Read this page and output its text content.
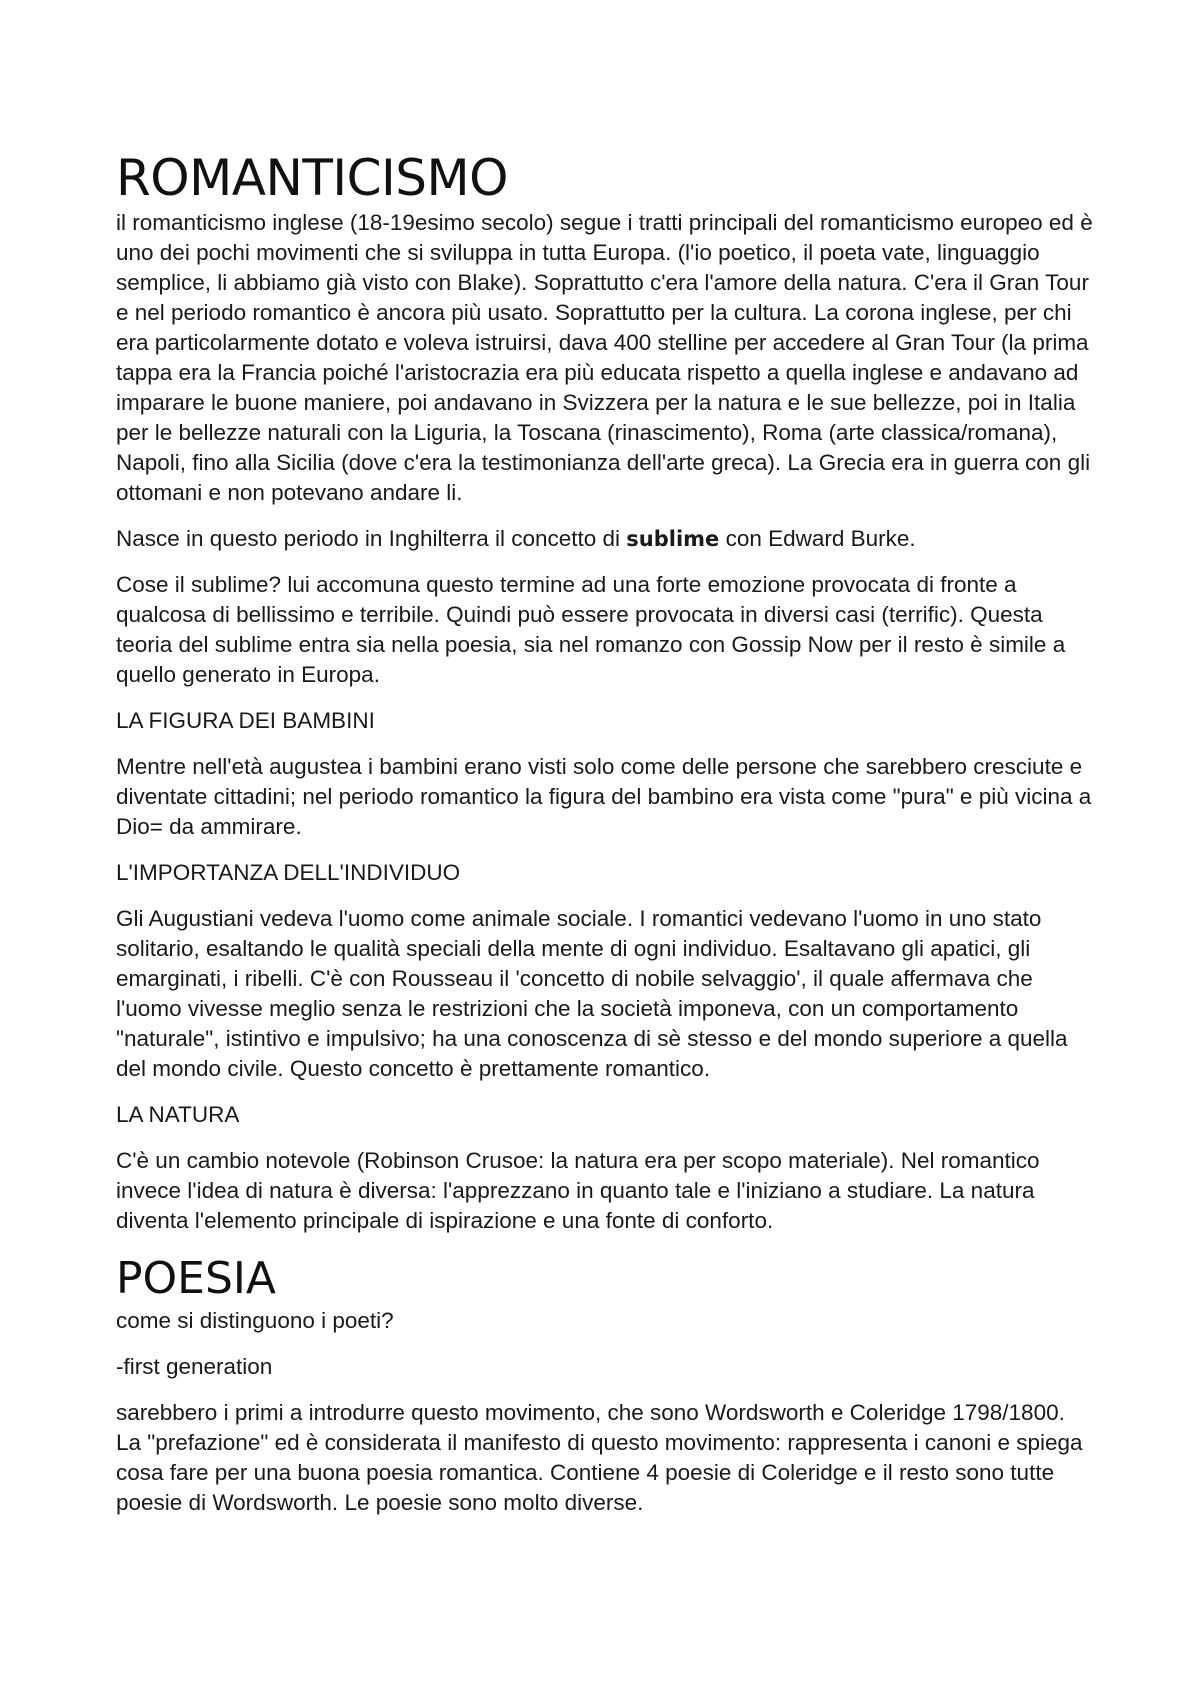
ROMANTICISMO

il romanticismo inglese (18-19esimo secolo) segue i tratti principali del romanticismo europeo ed è uno dei pochi movimenti che si sviluppa in tutta Europa. (l'io poetico, il poeta vate, linguaggio semplice, li abbiamo già visto con Blake). Soprattutto c'era l'amore della natura. C'era il Gran Tour e nel periodo romantico è ancora più usato. Soprattutto per la cultura. La corona inglese, per chi era particolarmente dotato e voleva istruirsi, dava 400 stelline per accedere al Gran Tour (la prima tappa era la Francia poiché l'aristocrazia era più educata rispetto a quella inglese e andavano ad imparare le buone maniere, poi andavano in Svizzera per la natura e le sue bellezze, poi in Italia per le bellezze naturali con la Liguria, la Toscana (rinascimento), Roma (arte classica/romana), Napoli, fino alla Sicilia (dove c'era la testimonianza dell'arte greca). La Grecia era in guerra con gli ottomani e non potevano andare li.

Nasce in questo periodo in Inghilterra il concetto di sublime con Edward Burke.

Cose il sublime? lui accomuna questo termine ad una forte emozione provocata di fronte a qualcosa di bellissimo e terribile. Quindi può essere provocata in diversi casi (terrific). Questa teoria del sublime entra sia nella poesia, sia nel romanzo con Gossip Now per il resto è simile a quello generato in Europa.

LA FIGURA DEI BAMBINI

Mentre nell'età augustea i bambini erano visti solo come delle persone che sarebbero cresciute e diventate cittadini; nel periodo romantico la figura del bambino era vista come "pura" e più vicina a Dio= da ammirare.

L'IMPORTANZA DELL'INDIVIDUO

Gli Augustiani vedeva l'uomo come animale sociale. I romantici vedevano l'uomo in uno stato solitario, esaltando le qualità speciali della mente di ogni individuo. Esaltavano gli apatici, gli emarginati, i ribelli. C'è con Rousseau il 'concetto di nobile selvaggio', il quale affermava che l'uomo vivesse meglio senza le restrizioni che la società imponeva, con un comportamento "naturale", istintivo e impulsivo; ha una conoscenza di sè stesso e del mondo superiore a quella del mondo civile. Questo concetto è prettamente romantico.

LA NATURA

C'è un cambio notevole (Robinson Crusoe: la natura era per scopo materiale). Nel romantico invece l'idea di natura è diversa: l'apprezzano in quanto tale e l'iniziano a studiare. La natura diventa l'elemento principale di ispirazione e una fonte di conforto.

POESIA

come si distinguono i poeti?

-first generation

sarebbero i primi a introdurre questo movimento, che sono Wordsworth e Coleridge 1798/1800. La "prefazione" ed è considerata il manifesto di questo movimento: rappresenta i canoni e spiega cosa fare per una buona poesia romantica. Contiene 4 poesie di Coleridge e il resto sono tutte poesie di Wordsworth. Le poesie sono molto diverse.
